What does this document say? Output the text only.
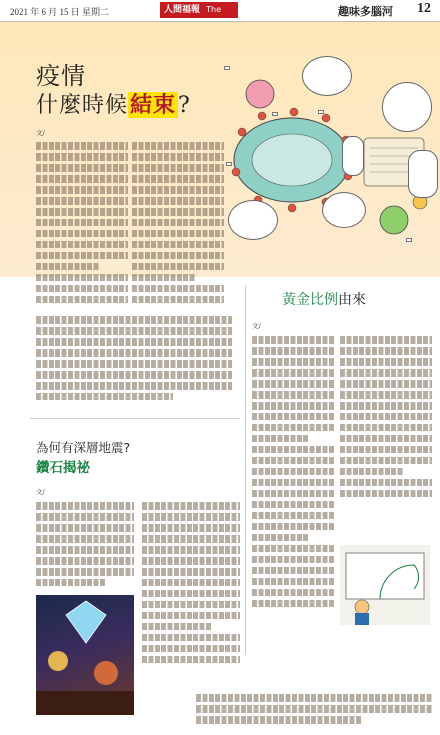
2021 年 6 月 15 日 星期二	人間福報 The	趣味多腦河 12
疫情
什麼時候結束?
文/
黃金比例由來
文/
為何有深層地震?
鑽石揭祕
文/
